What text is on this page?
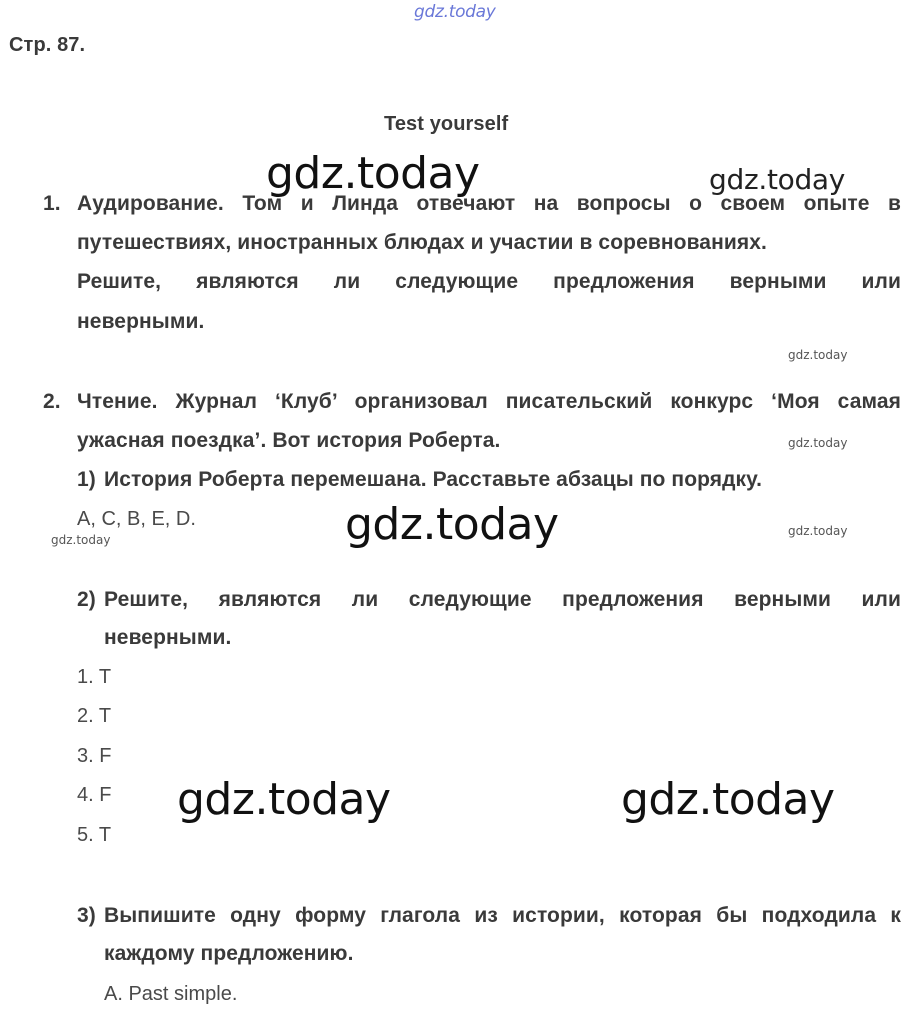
gdz.today
gdz.today	gdz.today
gdz.today
gdz.today
gdz.today	gdz.today
gdz.today
gdz.today	gdz.today
Стр. 87.
Test yourself
1. Аудирование. Том и Линда отвечают на вопросы о своем опыте в
путешествиях, иностранных блюдах и участии в соревнованиях.
Решите, являются ли следующие предложения верными или
неверными.
2. Чтение. Журнал ‘Клуб’ организовал писательский конкурс ‘Моя самая
ужасная поездка’. Вот история Роберта.
1) История Роберта перемешана. Расставьте абзацы по порядку.
A, C, B, E, D.
2) Решите, являются ли следующие предложения верными или
неверными.
1. T
2. T
3. F
4. F
5. T
3) Выпишите одну форму глагола из истории, которая бы подходила к
каждому предложению.
A. Past simple.
